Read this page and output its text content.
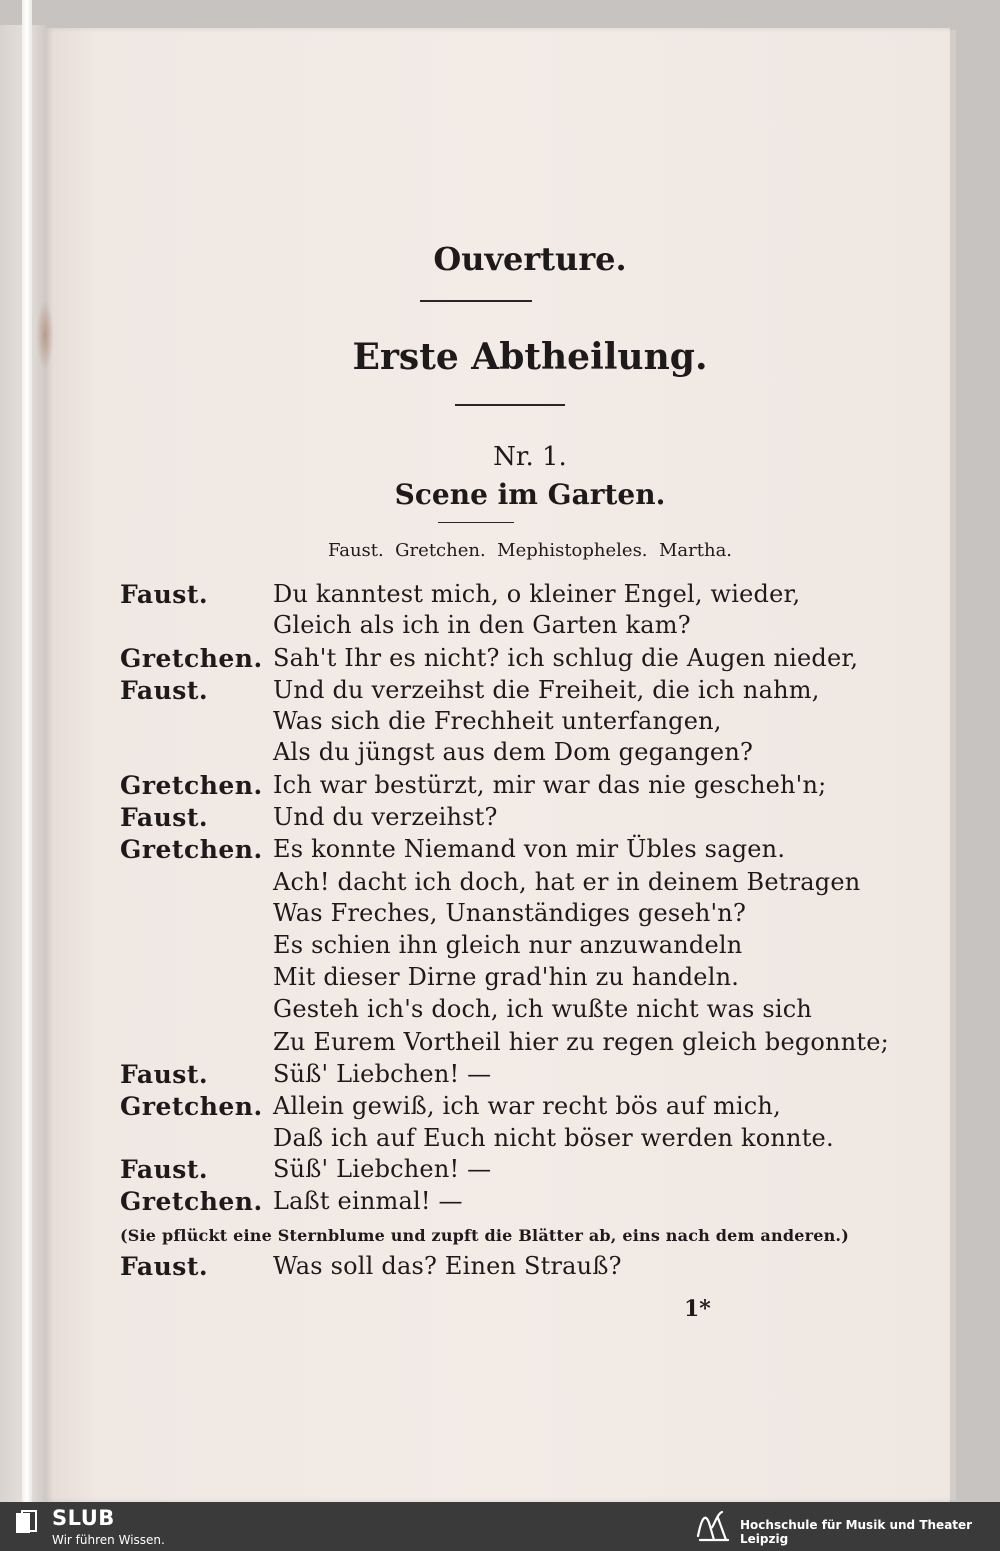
Ouverture.
Erste Abtheilung.
Nr. 1.
Scene im Garten.
Faust.  Gretchen.  Mephistopheles.  Martha.
Faust.	Du kanntest mich, o kleiner Engel, wieder,
Gleich als ich in den Garten kam?
Gretchen. Sah't Ihr es nicht? ich schlug die Augen nieder,
Faust.	Und du verzeihst die Freiheit, die ich nahm,
Was sich die Frechheit unterfangen,
Als du jüngst aus dem Dom gegangen?
Gretchen. Ich war bestürzt, mir war das nie gescheh'n;
Faust.	Und du verzeihst?
Gretchen. Es konnte Niemand von mir Übles sagen.
Ach! dacht ich doch, hat er in deinem Betragen
Was Freches, Unanständiges geseh'n?
Es schien ihn gleich nur anzuwandeln
Mit dieser Dirne grad'hin zu handeln.
Gesteh ich's doch, ich wußte nicht was sich
Zu Eurem Vortheil hier zu regen gleich begonnte;
Faust.	Süß' Liebchen! —
Gretchen. Allein gewiß, ich war recht bös auf mich,
Daß ich auf Euch nicht böser werden konnte.
Faust.	Süß' Liebchen! —
Gretchen. Laßt einmal! —
(Sie pflückt eine Sternblume und zupft die Blätter ab, eins nach dem anderen.)
Faust.	Was soll das? Einen Strauß?
1*
SLUB
Wir führen Wissen.
Hochschule für Musik und Theater Leipzig
